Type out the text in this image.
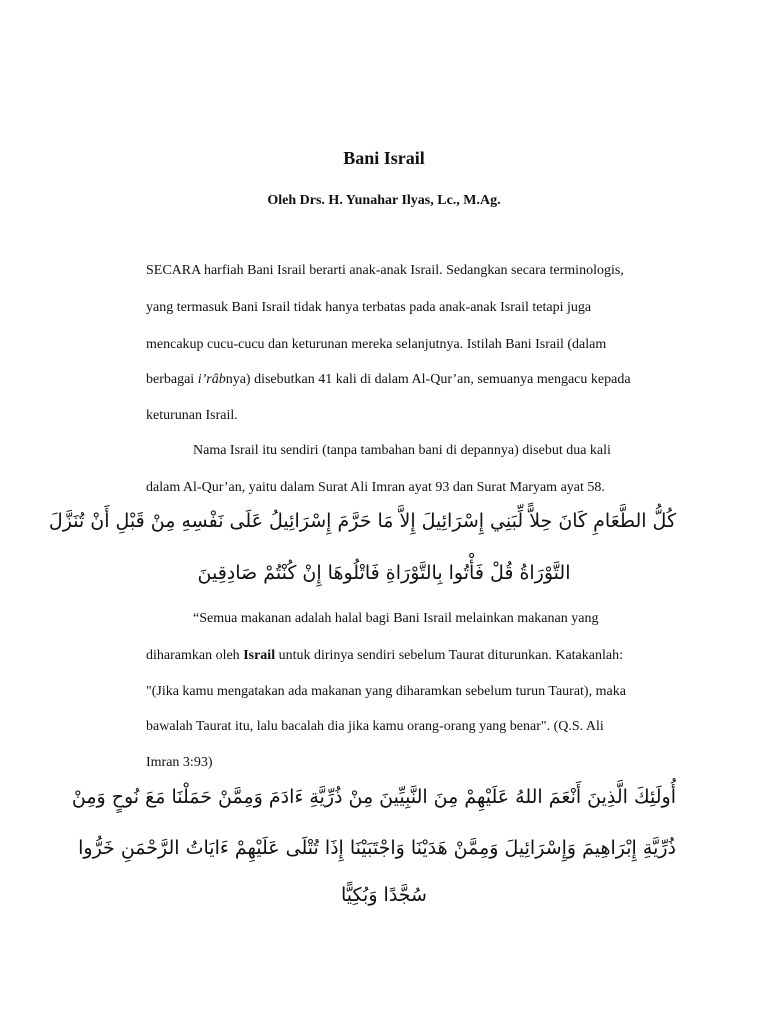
Bani Israil
Oleh Drs. H. Yunahar Ilyas, Lc., M.Ag.
SECARA harfiah Bani Israil berarti anak-anak Israil. Sedangkan secara terminologis,
yang termasuk Bani Israil tidak hanya terbatas pada anak-anak Israil tetapi juga
mencakup cucu-cucu dan keturunan mereka selanjutnya. Istilah Bani Israil (dalam
berbagai i’râbnya) disebutkan 41 kali di dalam Al-Qur’an, semuanya mengacu kepada
keturunan Israil.
Nama Israil itu sendiri (tanpa tambahan bani di depannya) disebut dua kali
dalam Al-Qur’an, yaitu dalam Surat Ali Imran ayat 93 dan Surat Maryam ayat 58.
كُلُّ الطَّعَامِ كَانَ حِلاًّ لِّبَنِي إِسْرَائِيلَ إِلاَّ مَا حَرَّمَ إِسْرَائِيلُ عَلَى نَفْسِهِ مِنْ قَبْلِ أَنْ تُنَزَّلَ
التَّوْرَاةُ قُلْ فَأْتُوا بِالتَّوْرَاةِ فَاتْلُوهَا إِنْ كُنْتُمْ صَادِقِينَ
“Semua makanan adalah halal bagi Bani Israil melainkan makanan yang
diharamkan oleh Israil untuk dirinya sendiri sebelum Taurat diturunkan. Katakanlah:
"(Jika kamu mengatakan ada makanan yang diharamkan sebelum turun Taurat), maka
bawalah Taurat itu, lalu bacalah dia jika kamu orang-orang yang benar". (Q.S. Ali
Imran 3:93)
أُولَئِكَ الَّذِينَ أَنْعَمَ اللهُ عَلَيْهِمْ مِنَ النَّبِيِّينَ مِنْ ذُرِّيَّةِ ءَادَمَ وَمِمَّنْ حَمَلْنَا مَعَ نُوحٍ وَمِنْ
ذُرِّيَّةِ إِبْرَاهِيمَ وَإِسْرَائِيلَ وَمِمَّنْ هَدَيْنَا وَاجْتَبَيْنَا إِذَا تُتْلَى عَلَيْهِمْ ءَايَاتُ الرَّحْمَنِ خَرُّوا
سُجَّدًا وَبُكِيًّا
